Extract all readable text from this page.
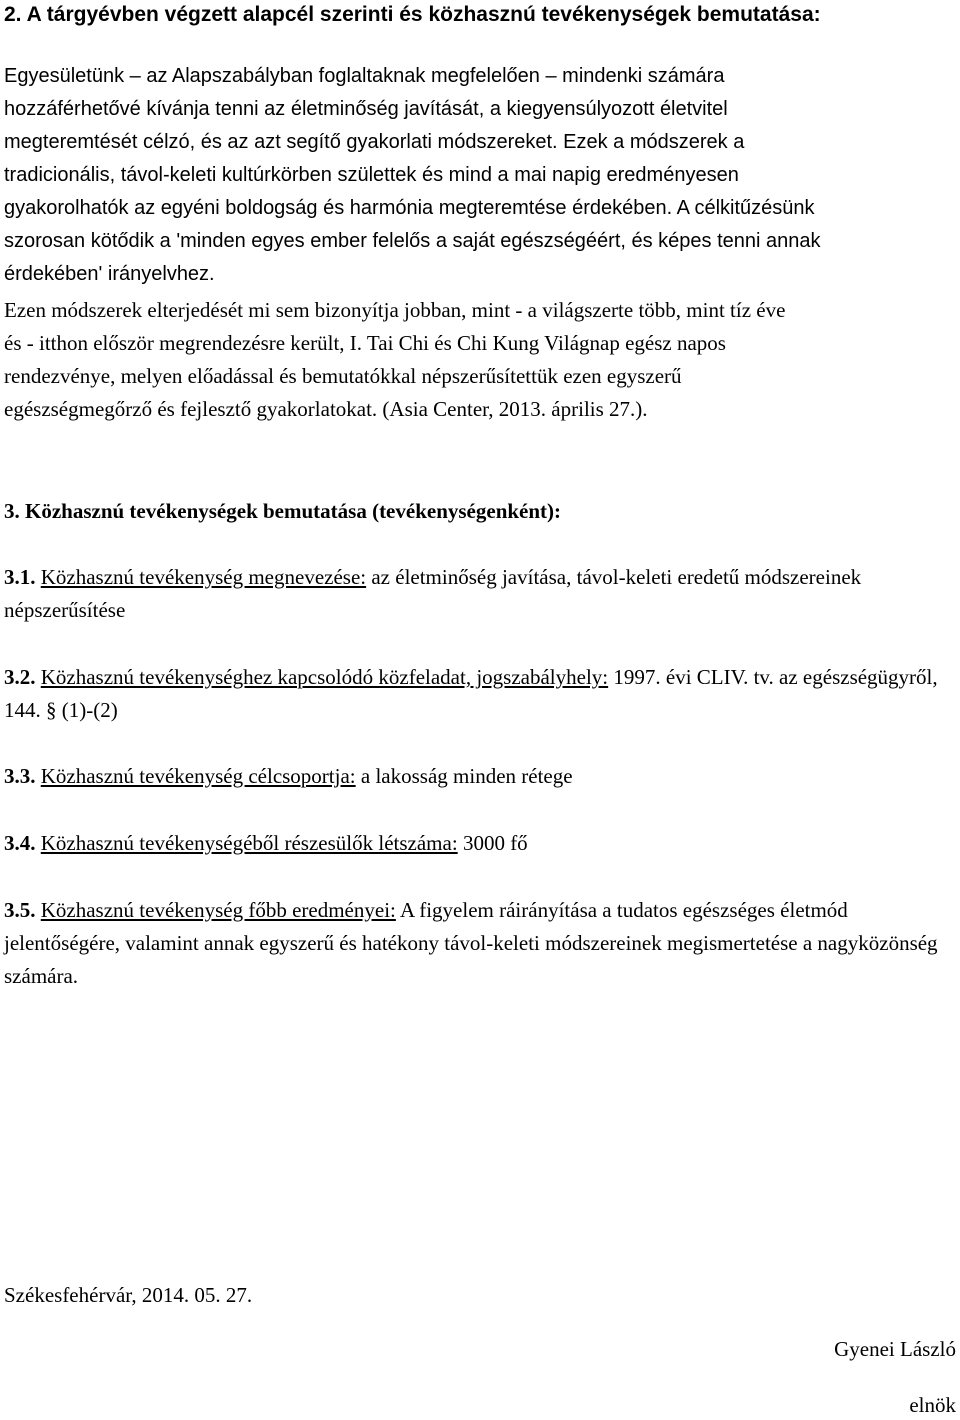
2. A tárgyévben végzett alapcél szerinti és közhasznú tevékenységek bemutatása:
Egyesületünk – az Alapszabályban foglaltaknak megfelelően – mindenki számára
hozzáférhetővé kívánja tenni az életminőség javítását, a kiegyensúlyozott életvitel
megteremtését célzó, és az azt segítő gyakorlati módszereket. Ezek a módszerek a
tradicionális, távol-keleti kultúrkörben születtek és mind a mai napig eredményesen
gyakorolhatók az egyéni boldogság és harmónia megteremtése érdekében. A célkitűzésünk
szorosan kötődik a 'minden egyes ember felelős a saját egészségéért, és képes tenni annak
érdekében' irányelvhez.
Ezen módszerek elterjedését mi sem bizonyítja jobban, mint - a világszerte több, mint tíz éve
és - itthon először megrendezésre került, I. Tai Chi és Chi Kung Világnap egész napos
rendezvénye, melyen előadással és bemutatókkal népszerűsítettük ezen egyszerű
egészségmegőrző és fejlesztő gyakorlatokat. (Asia Center, 2013. április 27.).
3. Közhasznú tevékenységek bemutatása (tevékenységenként):
3.1. Közhasznú tevékenység megnevezése: az életminőség javítása, távol-keleti eredetű módszereinek népszerűsítése
3.2. Közhasznú tevékenységhez kapcsolódó közfeladat, jogszabályhely: 1997. évi CLIV. tv. az egészségügyről, 144. § (1)-(2)
3.3. Közhasznú tevékenység célcsoportja: a lakosság minden rétege
3.4. Közhasznú tevékenységéből részesülők létszáma: 3000 fő
3.5. Közhasznú tevékenység főbb eredményei: A figyelem ráirányítása a tudatos egészséges életmód jelentőségére, valamint annak egyszerű és hatékony távol-keleti módszereinek megismertetése a nagyközönség számára.
Székesfehérvár, 2014. 05. 27.
Gyenei László
elnök
